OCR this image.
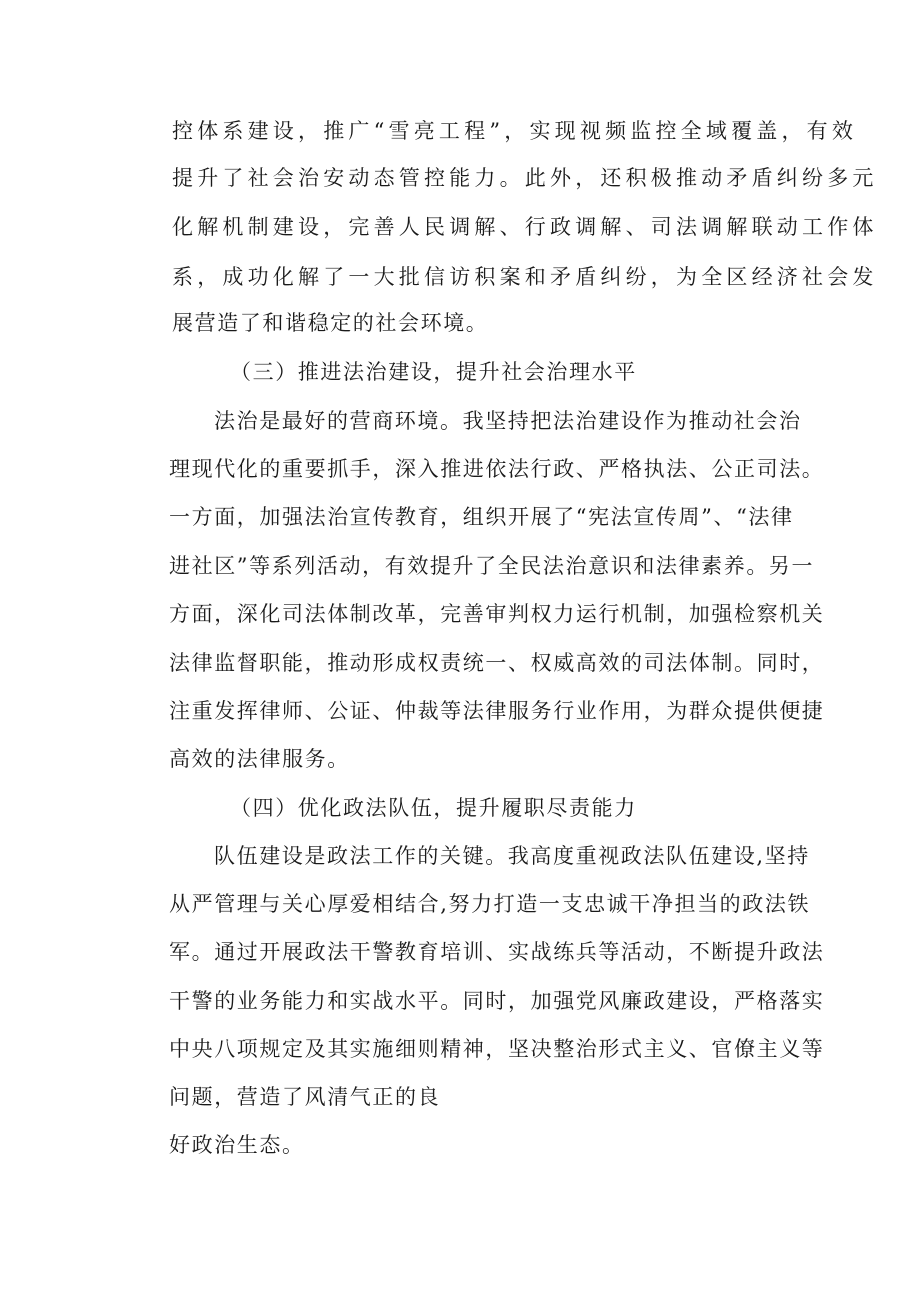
控体系建设，推广“雪亮工程”，实现视频监控全域覆盖，有效
提升了社会治安动态管控能力。此外，还积极推动矛盾纠纷多元
化解机制建设，完善人民调解、行政调解、司法调解联动工作体
系，成功化解了一大批信访积案和矛盾纠纷，为全区经济社会发
展营造了和谐稳定的社会环境。
（三）推进法治建设，提升社会治理水平
法治是最好的营商环境。我坚持把法治建设作为推动社会治
理现代化的重要抓手，深入推进依法行政、严格执法、公正司法。
一方面，加强法治宣传教育，组织开展了“宪法宣传周”、“法律
进社区”等系列活动，有效提升了全民法治意识和法律素养。另一
方面，深化司法体制改革，完善审判权力运行机制，加强检察机关
法律监督职能，推动形成权责统一、权威高效的司法体制。同时，
注重发挥律师、公证、仲裁等法律服务行业作用，为群众提供便捷
高效的法律服务。
（四）优化政法队伍，提升履职尽责能力
队伍建设是政法工作的关键。我高度重视政法队伍建设,坚持
从严管理与关心厚爱相结合,努力打造一支忠诚干净担当的政法铁
军。通过开展政法干警教育培训、实战练兵等活动，不断提升政法
干警的业务能力和实战水平。同时，加强党风廉政建设，严格落实
中央八项规定及其实施细则精神，坚决整治形式主义、官僚主义等
问题，营造了风清气正的良
好政治生态。
